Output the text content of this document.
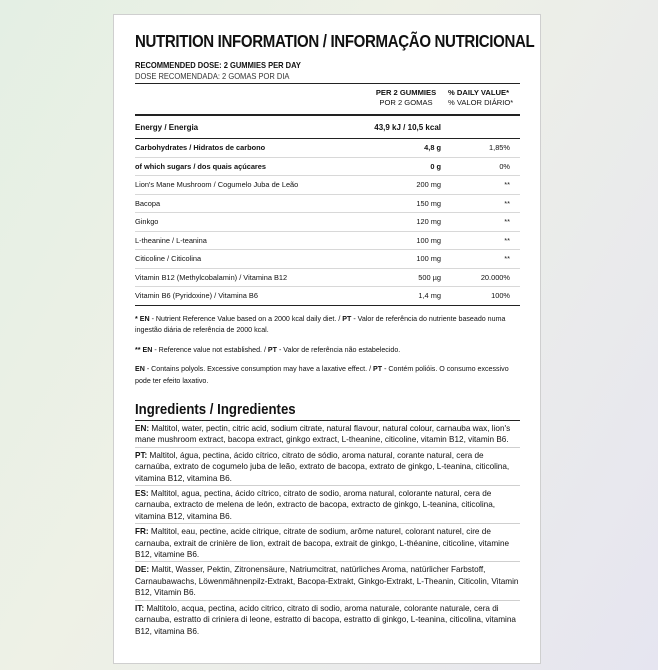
NUTRITION INFORMATION / INFORMAÇÃO NUTRICIONAL
RECOMMENDED DOSE: 2 GUMMIES PER DAY
DOSE RECOMENDADA: 2 GOMAS POR DIA
PER 2 GUMMIES
POR 2 GOMAS
% DAILY VALUE*
% VALOR DIÁRIO*
Energy / Energia	43,9 kJ / 10,5 kcal
Carbohydrates / Hidratos de carbono	4,8 g	1,85%
of which sugars / dos quais açúcares	0 g	0%
Lion's Mane Mushroom / Cogumelo Juba de Leão	200 mg	**
Bacopa	150 mg	**
Ginkgo	120 mg	**
L-theanine / L-teanina	100 mg	**
Citicoline / Citicolina	100 mg	**
Vitamin B12 (Methylcobalamin) / Vitamina B12	500 µg	20.000%
Vitamin B6 (Pyridoxine) / Vitamina B6	1,4 mg	100%
* EN - Nutrient Reference Value based on a 2000 kcal daily diet. / PT - Valor de referência do nutriente baseado numa ingestão diária de referência de 2000 kcal.
** EN - Reference value not established. / PT - Valor de referência não estabelecido.
EN - Contains polyols. Excessive consumption may have a laxative effect. / PT - Contém polióis. O consumo excessivo pode ter efeito laxativo.
Ingredients / Ingredientes
EN: Maltitol, water, pectin, citric acid, sodium citrate, natural flavour, natural colour, carnauba wax, lion's mane mushroom extract, bacopa extract, ginkgo extract, L-theanine, citicoline, vitamin B12, vitamin B6.
PT: Maltitol, água, pectina, ácido cítrico, citrato de sódio, aroma natural, corante natural, cera de carnaúba, extrato de cogumelo juba de leão, extrato de bacopa, extrato de ginkgo, L-teanina, citicolina, vitamina B12, vitamina B6.
ES: Maltitol, agua, pectina, ácido cítrico, citrato de sodio, aroma natural, colorante natural, cera de carnauba, extracto de melena de león, extracto de bacopa, extracto de ginkgo, L-teanina, citicolina, vitamina B12, vitamina B6.
FR: Maltitol, eau, pectine, acide citrique, citrate de sodium, arôme naturel, colorant naturel, cire de carnauba, extrait de crinière de lion, extrait de bacopa, extrait de ginkgo, L-théanine, citicoline, vitamine B12, vitamine B6.
DE: Maltit, Wasser, Pektin, Zitronensäure, Natriumcitrat, natürliches Aroma, natürlicher Farbstoff, Carnaubawachs, Löwenmähnenpilz-Extrakt, Bacopa-Extrakt, Ginkgo-Extrakt, L-Theanin, Citicolin, Vitamin B12, Vitamin B6.
IT: Maltitolo, acqua, pectina, acido citrico, citrato di sodio, aroma naturale, colorante naturale, cera di carnauba, estratto di criniera di leone, estratto di bacopa, estratto di ginkgo, L-teanina, citicolina, vitamina B12, vitamina B6.
